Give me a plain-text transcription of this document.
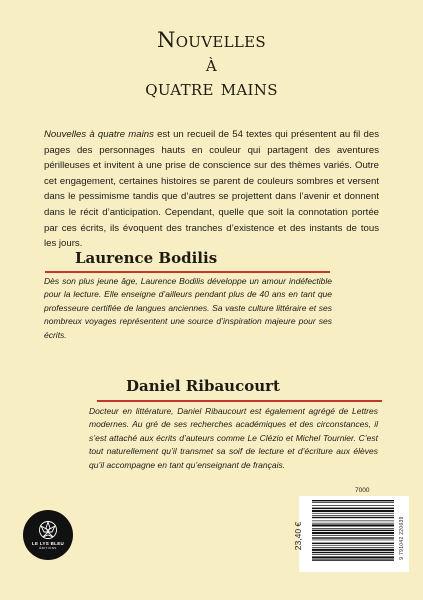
Nouvelles
à
quatre mains

Nouvelles à quatre mains est un recueil de 54 textes qui présentent au fil des pages des personnages hauts en couleur qui partagent des aventures périlleuses et invitent à une prise de conscience sur des thèmes variés. Outre cet engagement, certaines histoires se parent de couleurs sombres et versent dans le pessimisme tandis que d’autres se projettent dans l’avenir et donnent dans le récit d’anticipation. Cependant, quelle que soit la connotation portée par ces écrits, ils évoquent des tranches d’existence et des instants de tous les jours.

Laurence Bodilis

Dès son plus jeune âge, Laurence Bodilis développe un amour indéfectible pour la lecture. Elle enseigne d’ailleurs pendant plus de 40 ans en tant que professeure certifiée de langues anciennes. Sa vaste culture littéraire et ses nombreux voyages représentent une source d’inspiration majeure pour ses écrits.

Daniel Ribaucourt

Docteur en littérature, Daniel Ribaucourt est également agrégé de Lettres modernes. Au gré de ses recherches académiques et des circonstances, il s’est attaché aux écrits d’auteurs comme Le Clézio et Michel Tournier. C’est tout naturellement qu’il transmet sa soif de lecture et d’écriture aux élèves qu’il accompagne en tant qu’enseignant de français.

LE LYS BLEU
ÉDITIONS
7000
23,40 €	9 791042 220639
